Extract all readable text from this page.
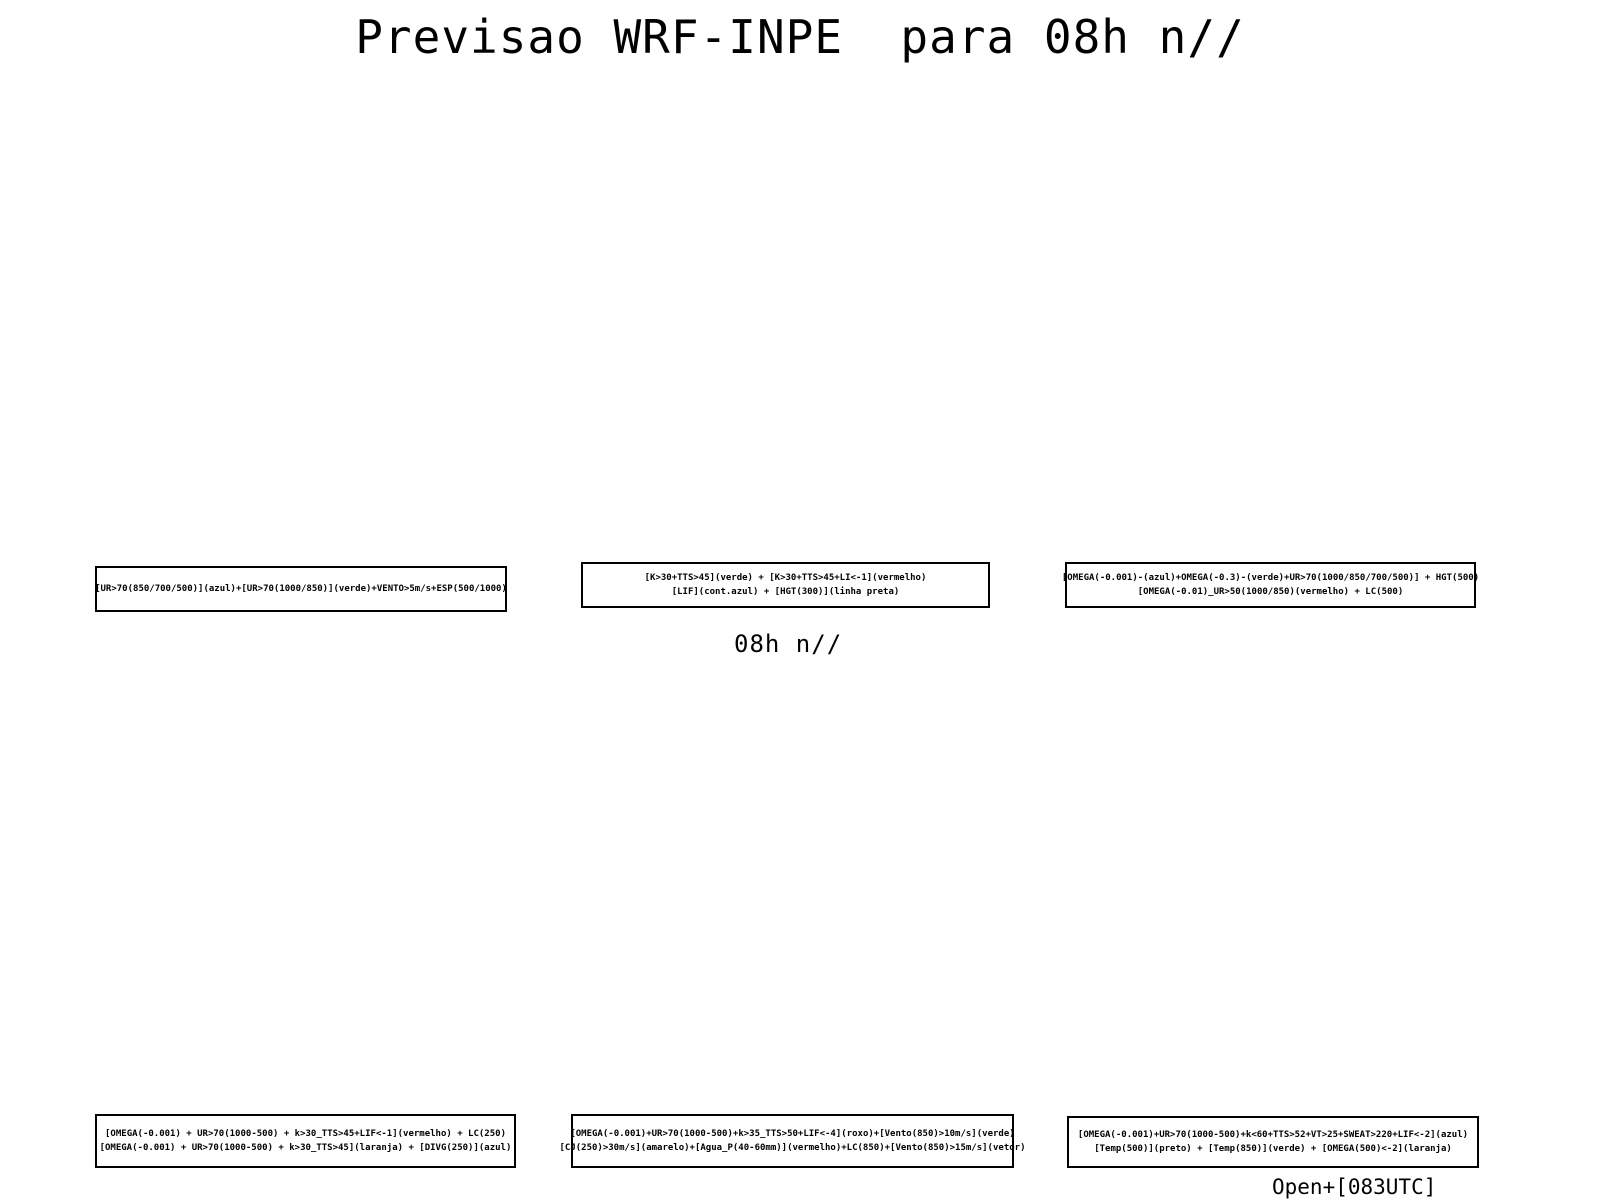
Previsao WRF-INPE  para 08h n//
[UR>70(850/700/500)](azul)+[UR>70(1000/850)](verde)+VENTO>5m/s+ESP(500/1000)
[K>30+TTS>45](verde) + [K>30+TTS>45+LI<-1](vermelho)
[LIF](cont.azul) + [HGT(300)](linha preta)
[OMEGA(-0.001)-(azul)+OMEGA(-0.3)-(verde)+UR>70(1000/850/700/500)] + HGT(500)
[OMEGA(-0.01)_UR>50(1000/850)(vermelho) + LC(500)
08h n//
[OMEGA(-0.001) + UR>70(1000-500) + k>30_TTS>45+LIF<-1](vermelho) + LC(250)
[OMEGA(-0.001) + UR>70(1000-500) + k>30_TTS>45](laranja) + [DIVG(250)](azul)
[OMEGA(-0.001)+UR>70(1000-500)+k>35_TTS>50+LIF<-4](roxo)+[Vento(850)>10m/s](verde)
[CJ(250)>30m/s](amarelo)+[Agua_P(40-60mm)](vermelho)+LC(850)+[Vento(850)>15m/s](vetor)
[OMEGA(-0.001)+UR>70(1000-500)+k<60+TTS>52+VT>25+SWEAT>220+LIF<-2](azul)
[Temp(500)](preto) + [Temp(850)](verde) + [OMEGA(500)<-2](laranja)
Open+[083UTC]
